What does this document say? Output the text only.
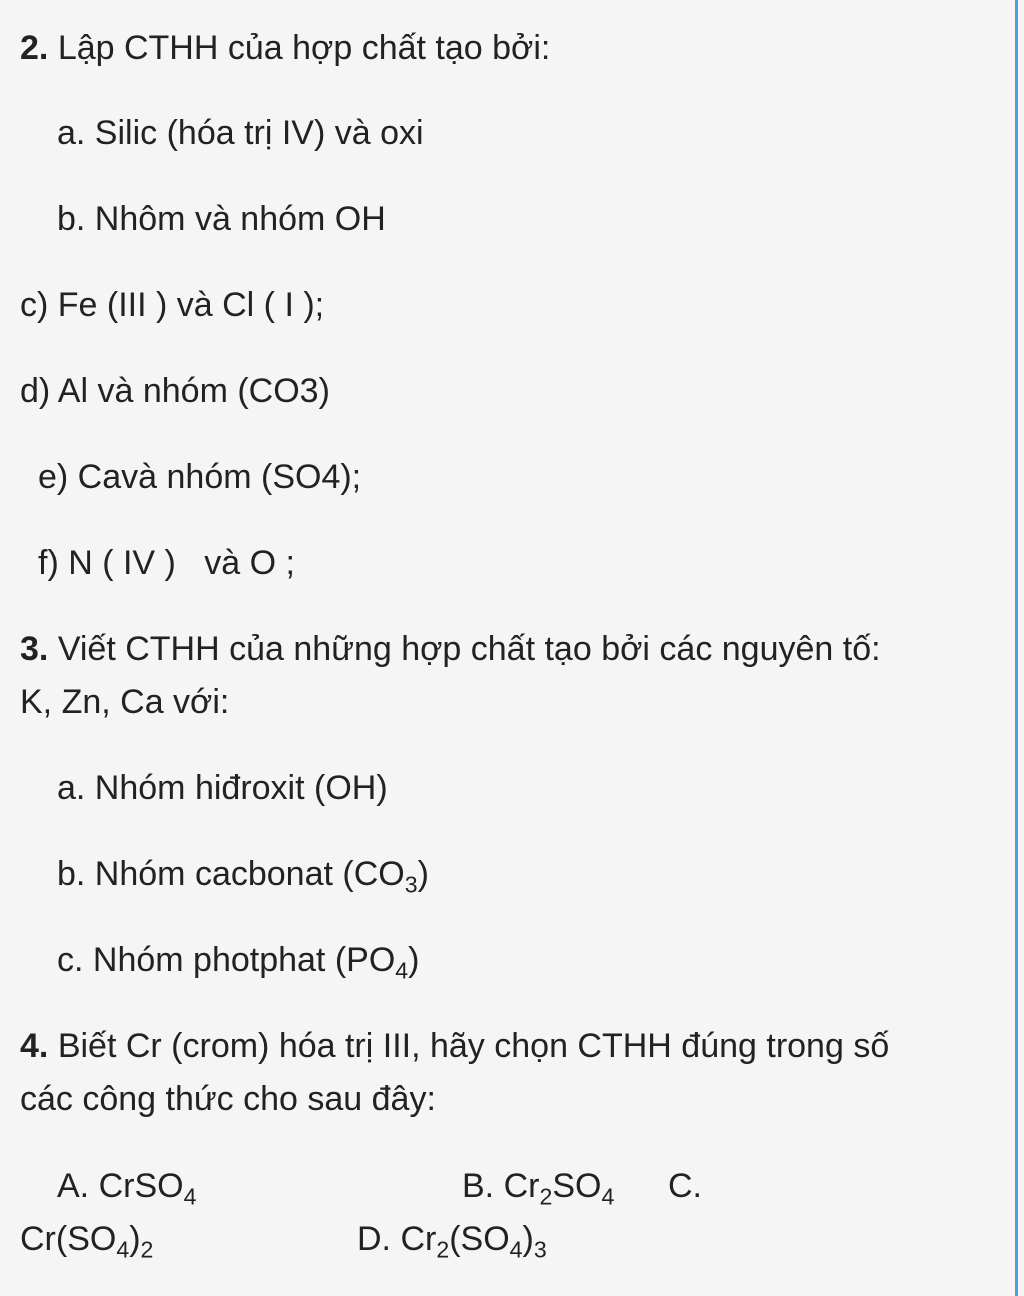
2. Lập CTHH của hợp chất tạo bởi:
a. Silic (hóa trị IV) và oxi
b. Nhôm và nhóm OH
c) Fe (III ) và Cl ( I );
d) Al và nhóm (CO3)
e) Cavà nhóm (SO4);
f) N ( IV )   và O ;
3. Viết CTHH của những hợp chất tạo bởi các nguyên tố:
K, Zn, Ca với:
a. Nhóm hiđroxit (OH)
b. Nhóm cacbonat $(CO_3)$
c. Nhóm photphat $(PO_4)$
4. Biết Cr (crom) hóa trị III, hãy chọn CTHH đúng trong số
các công thức cho sau đây:
A. CrSO$_4$	B. $Cr_2SO_4$ C.
$Cr(SO_4)_2$	D. $Cr_2(SO_4)_3$
